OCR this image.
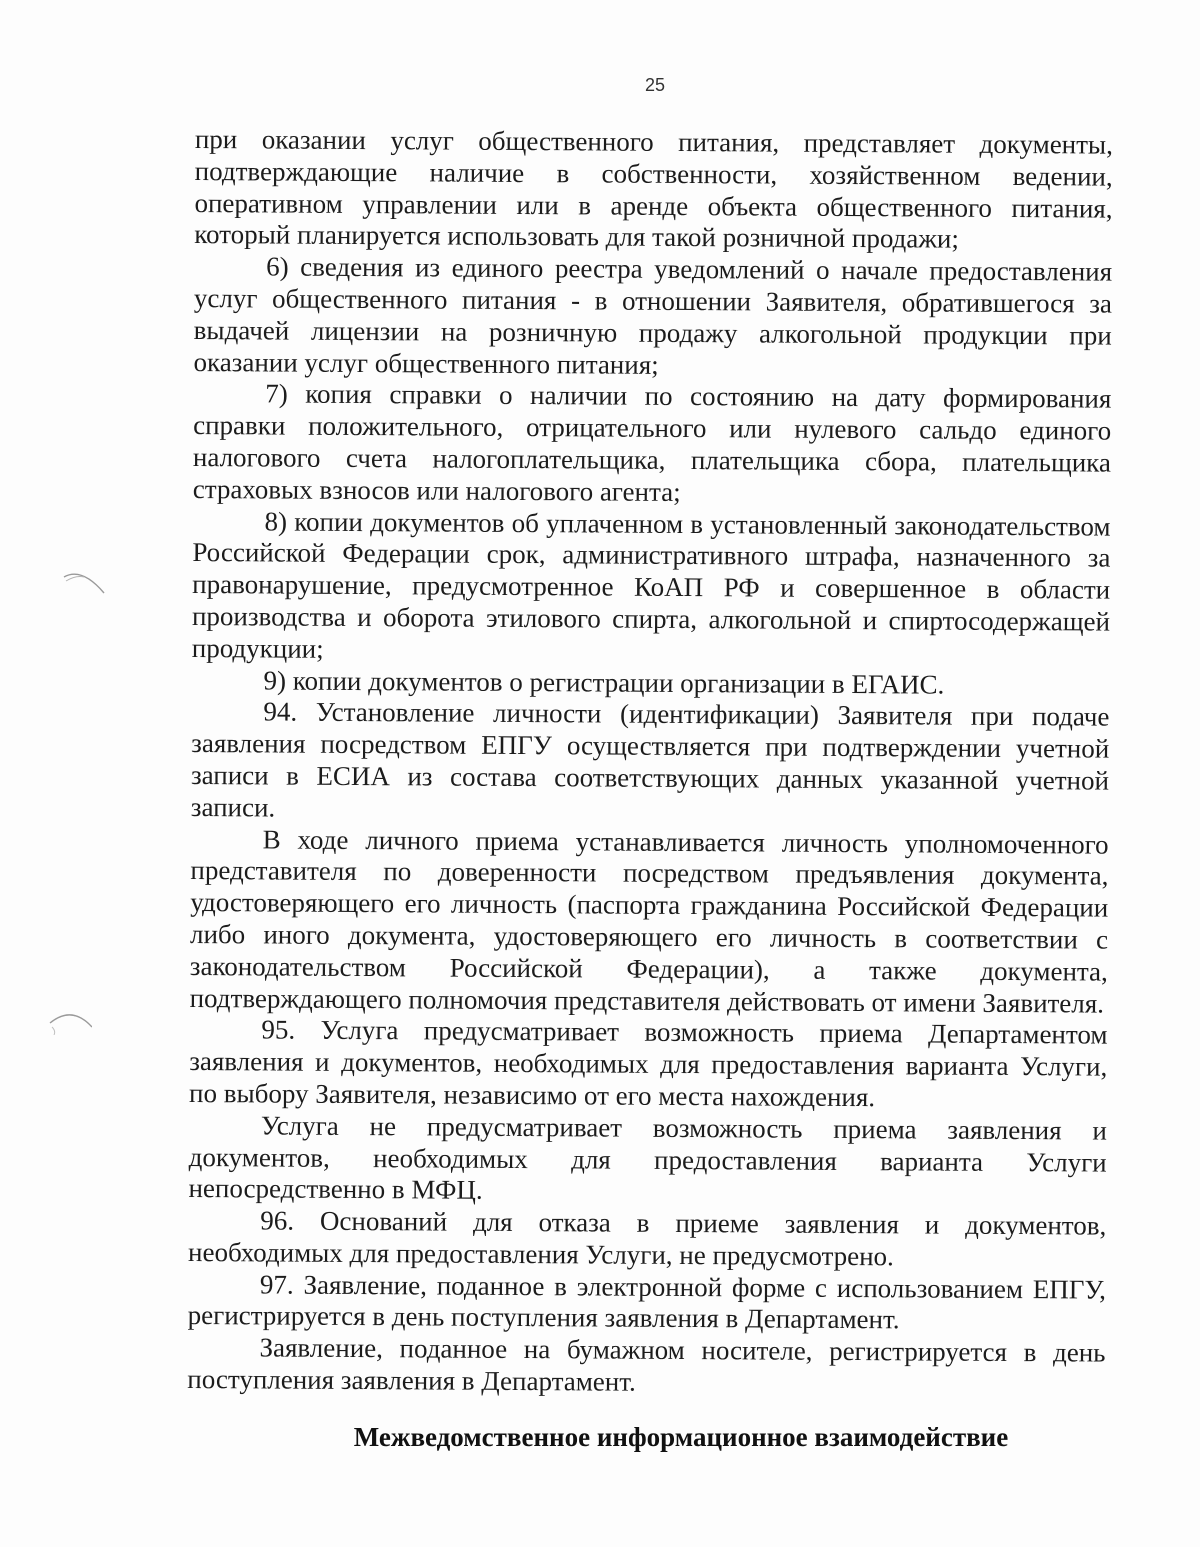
25

при оказании услуг общественного питания, представляет документы, подтверждающие наличие в собственности, хозяйственном ведении, оперативном управлении или в аренде объекта общественного питания, который планируется использовать для такой розничной продажи;

6) сведения из единого реестра уведомлений о начале предоставления услуг общественного питания - в отношении Заявителя, обратившегося за выдачей лицензии на розничную продажу алкогольной продукции при оказании услуг общественного питания;

7) копия справки о наличии по состоянию на дату формирования справки положительного, отрицательного или нулевого сальдо единого налогового счета налогоплательщика, плательщика сбора, плательщика страховых взносов или налогового агента;

8) копии документов об уплаченном в установленный законодательством Российской Федерации срок, административного штрафа, назначенного за правонарушение, предусмотренное КоАП РФ и совершенное в области производства и оборота этилового спирта, алкогольной и спиртосодержащей продукции;

9) копии документов о регистрации организации в ЕГАИС.

94. Установление личности (идентификации) Заявителя при подаче заявления посредством ЕПГУ осуществляется при подтверждении учетной записи в ЕСИА из состава соответствующих данных указанной учетной записи.

В ходе личного приема устанавливается личность уполномоченного представителя по доверенности посредством предъявления документа, удостоверяющего его личность (паспорта гражданина Российской Федерации либо иного документа, удостоверяющего его личность в соответствии с законодательством Российской Федерации), а также документа, подтверждающего полномочия представителя действовать от имени Заявителя.

95. Услуга предусматривает возможность приема Департаментом заявления и документов, необходимых для предоставления варианта Услуги, по выбору Заявителя, независимо от его места нахождения.

Услуга не предусматривает возможность приема заявления и документов, необходимых для предоставления варианта Услуги непосредственно в МФЦ.

96. Оснований для отказа в приеме заявления и документов, необходимых для предоставления Услуги, не предусмотрено.

97. Заявление, поданное в электронной форме с использованием ЕПГУ, регистрируется в день поступления заявления в Департамент.

Заявление, поданное на бумажном носителе, регистрируется в день поступления заявления в Департамент.

Межведомственное информационное взаимодействие
